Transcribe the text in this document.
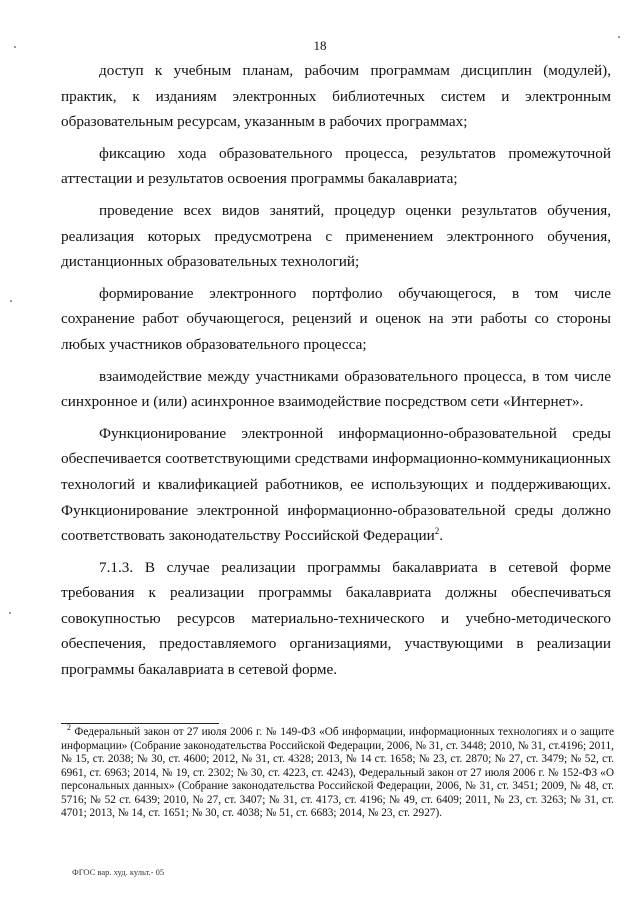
18

доступ к учебным планам, рабочим программам дисциплин (модулей), практик, к изданиям электронных библиотечных систем и электронным образовательным ресурсам, указанным в рабочих программах;

фиксацию хода образовательного процесса, результатов промежуточной аттестации и результатов освоения программы бакалавриата;

проведение всех видов занятий, процедур оценки результатов обучения, реализация которых предусмотрена с применением электронного обучения, дистанционных образовательных технологий;

формирование электронного портфолио обучающегося, в том числе сохранение работ обучающегося, рецензий и оценок на эти работы со стороны любых участников образовательного процесса;

взаимодействие между участниками образовательного процесса, в том числе синхронное и (или) асинхронное взаимодействие посредством сети «Интернет».

Функционирование электронной информационно-образовательной среды обеспечивается соответствующими средствами информационно-коммуникационных технологий и квалификацией работников, ее использующих и поддерживающих. Функционирование электронной информационно-образовательной среды должно соответствовать законодательству Российской Федерации$^2$.

7.1.3. В случае реализации программы бакалавриата в сетевой форме требования к реализации программы бакалавриата должны обеспечиваться совокупностью ресурсов материально-технического и учебно-методического обеспечения, предоставляемого организациями, участвующими в реализации программы бакалавриата в сетевой форме.

$^2$ Федеральный закон от 27 июля 2006 г. № 149-ФЗ «Об информации, информационных технологиях и о защите информации» (Собрание законодательства Российской Федерации, 2006, № 31, ст. 3448; 2010, № 31, ст.4196; 2011, № 15, ст. 2038; № 30, ст. 4600; 2012, № 31, ст. 4328; 2013, № 14 ст. 1658; № 23, ст. 2870; № 27, ст. 3479; № 52, ст. 6961, ст. 6963; 2014, № 19, ст. 2302; № 30, ст. 4223, ст. 4243), Федеральный закон от 27 июля 2006 г. № 152-ФЗ «О персональных данных» (Собрание законодательства Российской Федерации, 2006, № 31, ст. 3451; 2009, № 48, ст. 5716; № 52 ст. 6439; 2010, № 27, ст. 3407; № 31, ст. 4173, ст. 4196; № 49, ст. 6409; 2011, № 23, ст. 3263; № 31, ст. 4701; 2013, № 14, ст. 1651; № 30, ст. 4038; № 51, ст. 6683; 2014, № 23, ст. 2927).
ФГОС вар. худ. культ.- 05
